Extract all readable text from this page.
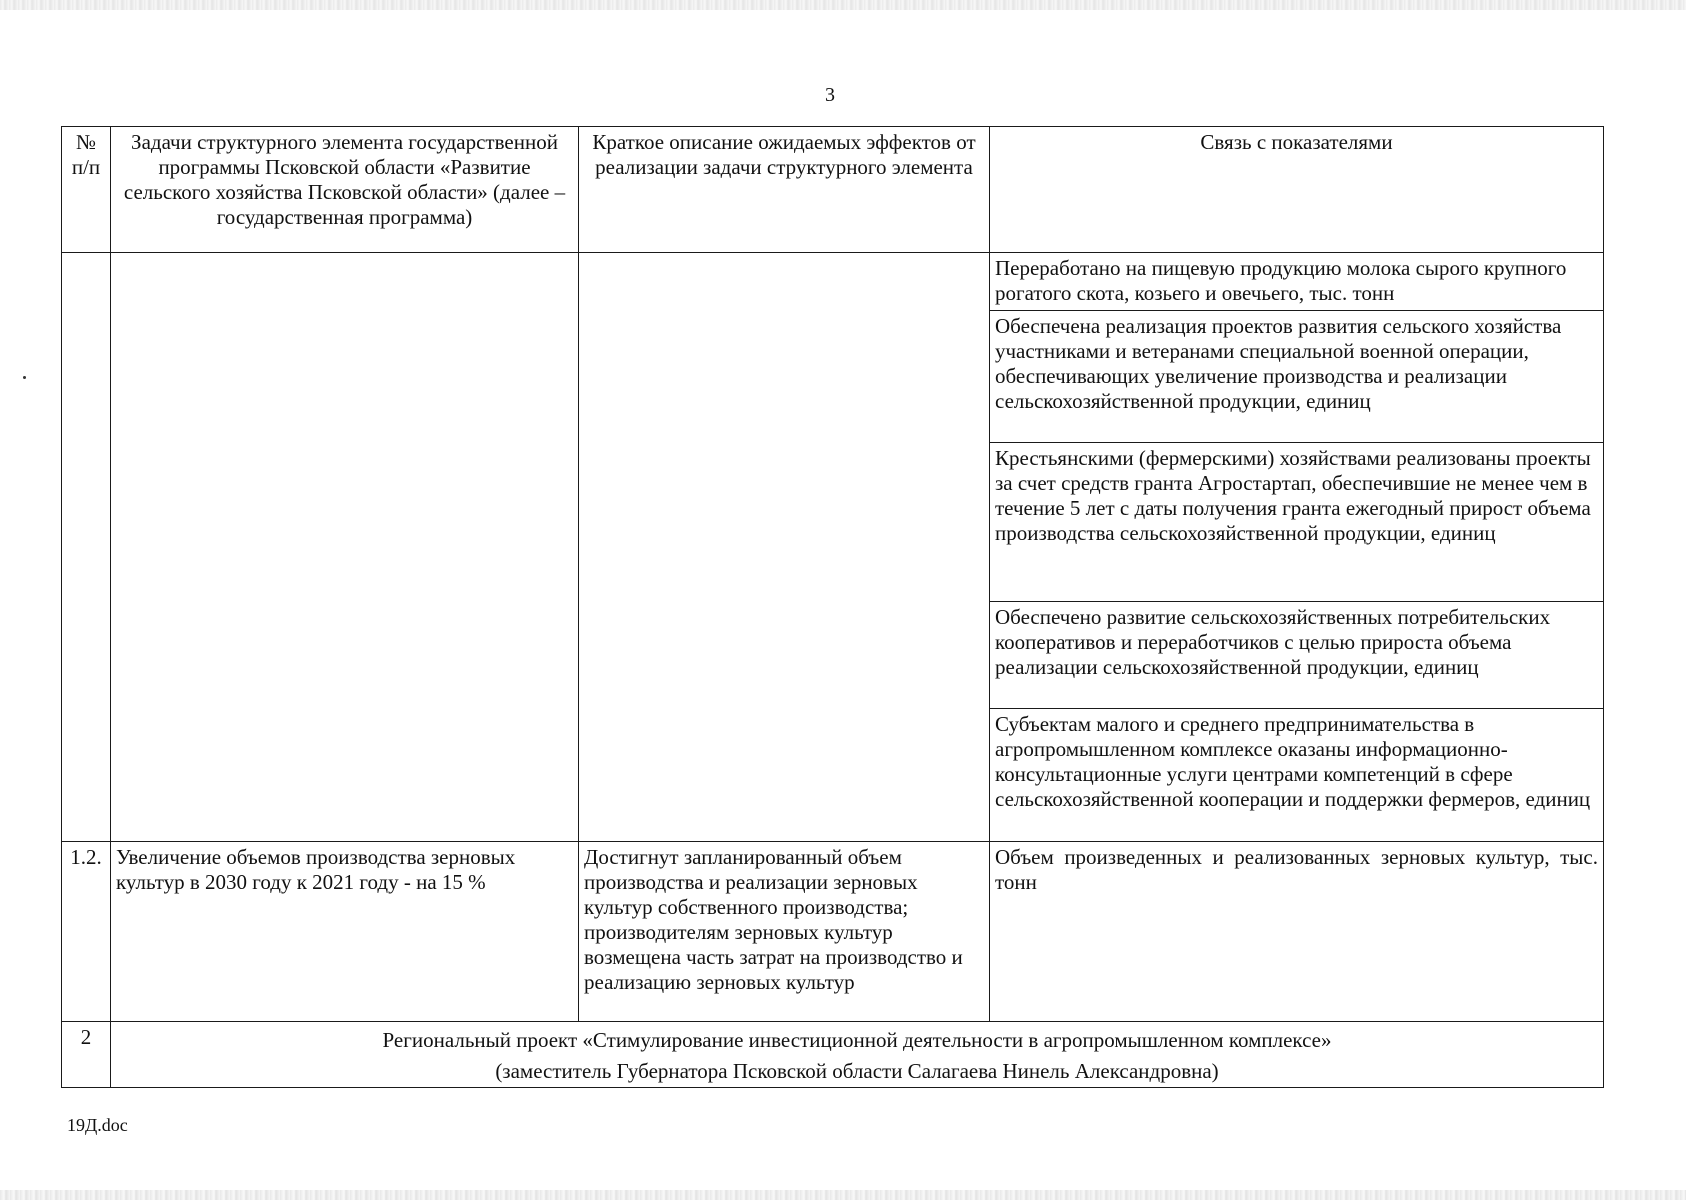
3
№ п/п	Задачи структурного элемента государственной программы Псковской области «Развитие сельского хозяйства Псковской области» (далее – государственная программа)	Краткое описание ожидаемых эффектов от реализации задачи структурного элемента	Связь с показателями
			Переработано на пищевую продукцию молока сырого крупного рогатого скота, козьего и овечьего, тыс. тонн
			Обеспечена реализация проектов развития сельского хозяйства участниками и ветеранами специальной военной операции, обеспечивающих увеличение производства и реализации сельскохозяйственной продукции, единиц
			Крестьянскими (фермерскими) хозяйствами реализованы проекты за счет средств гранта Агростартап, обеспечившие не менее чем в течение 5 лет с даты получения гранта ежегодный прирост объема производства сельскохозяйственной продукции, единиц
			Обеспечено развитие сельскохозяйственных потребительских кооперативов и переработчиков с целью прироста объема реализации сельскохозяйственной продукции, единиц
			Субъектам малого и среднего предпринимательства в агропромышленном комплексе оказаны информационно-консультационные услуги центрами компетенций в сфере сельскохозяйственной кооперации и поддержки фермеров, единиц
1.2.	Увеличение объемов производства зерновых культур в 2030 году к 2021 году - на 15 %	Достигнут запланированный объем производства и реализации зерновых культур собственного производства; производителям зерновых культур возмещена часть затрат на производство и реализацию зерновых культур	Объем произведенных и реализованных зерновых культур, тыс. тонн
2	Региональный проект «Стимулирование инвестиционной деятельности в агропромышленном комплексе»
(заместитель Губернатора Псковской области Салагаева Нинель Александровна)		
19Д.doc
